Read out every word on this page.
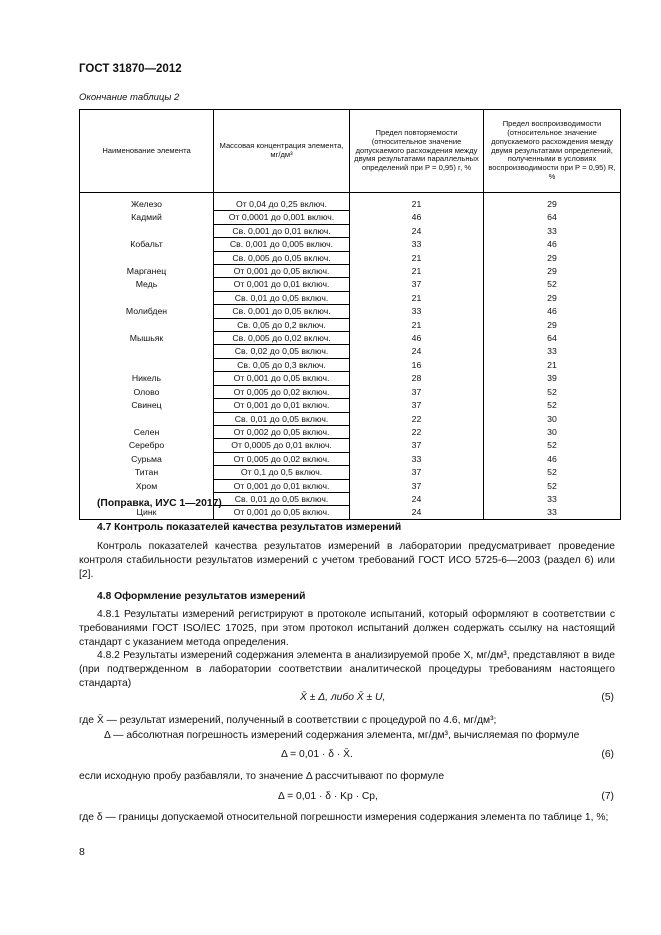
ГОСТ 31870—2012
Окончание таблицы 2
Наименование элемента	Массовая концентрация элемента, мг/дм³	Предел повторяемости (относительное значение допускаемого расхождения между двумя результатами параллельных определений при P = 0,95) r, %	Предел воспроизводимости (относительное значение допускаемого расхождения между двумя результатами определений, полученными в условиях воспроизводимости при P = 0,95) R, %

Железо	От 0,04 до 0,25 включ.	21	29
Кадмий	От 0,0001 до 0,001 включ.	46	64
	Св. 0,001 до 0,01 включ.	24	33
Кобальт	Св. 0,001 до 0,005 включ.	33	46
	Св. 0,005 до 0,05 включ.	21	29
Марганец	От 0,001 до 0,05 включ.	21	29
Медь	От 0,001 до 0,01 включ.	37	52
	Св. 0,01 до 0,05 включ.	21	29
Молибден	Св. 0,001 до 0,05 включ.	33	46
	Св. 0,05 до 0,2 включ.	21	29
Мышьяк	Св. 0,005 до 0,02 включ.	46	64
	Св. 0,02 до 0,05 включ.	24	33
	Св. 0,05 до 0,3 включ.	16	21
Никель	От 0,001 до 0,05 включ.	28	39
Олово	От 0,005 до 0,02 включ.	37	52
Свинец	От 0,001 до 0,01 включ.	37	52
	Св. 0,01 до 0,05 включ.	22	30
Селен	От 0,002 до 0,05 включ.	22	30
Серебро	От 0,0005 до 0,01 включ.	37	52
Сурьма	От 0,005 до 0,02 включ.	33	46
Титан	От 0,1 до 0,5 включ.	37	52
Хром	От 0,001 до 0,01 включ.	37	52
	Св. 0,01 до 0,05 включ.	24	33
Цинк	От 0,001 до 0,05 включ.	24	33
(Поправка, ИУС 1—2017)
4.7 Контроль показателей качества результатов измерений
Контроль показателей качества результатов измерений в лаборатории предусматривает проведение контроля стабильности результатов измерений с учетом требований ГОСТ ИСО 5725-6—2003 (раздел 6) или [2].
4.8 Оформление результатов измерений
4.8.1 Результаты измерений регистрируют в протоколе испытаний, который оформляют в соответствии с требованиями ГОСТ ISO/IEC 17025, при этом протокол испытаний должен содержать ссылку на настоящий стандарт с указанием метода определения.
4.8.2 Результаты измерений содержания элемента в анализируемой пробе X, мг/дм³, представляют в виде (при подтвержденном в лаборатории соответствии аналитической процедуры требованиям настоящего стандарта)
X̄ ± Δ, либо X̄ ± U,	(5)
где X̄ — результат измерений, полученный в соответствии с процедурой по 4.6, мг/дм³;
Δ — абсолютная погрешность измерений содержания элемента, мг/дм³, вычисляемая по формуле
Δ = 0,01 · δ · X̄.	(6)
если исходную пробу разбавляли, то значение Δ рассчитывают по формуле
Δ = 0,01 · δ · Kр · Cр,	(7)
где δ — границы допускаемой относительной погрешности измерения содержания элемента по таблице 1, %;
8
